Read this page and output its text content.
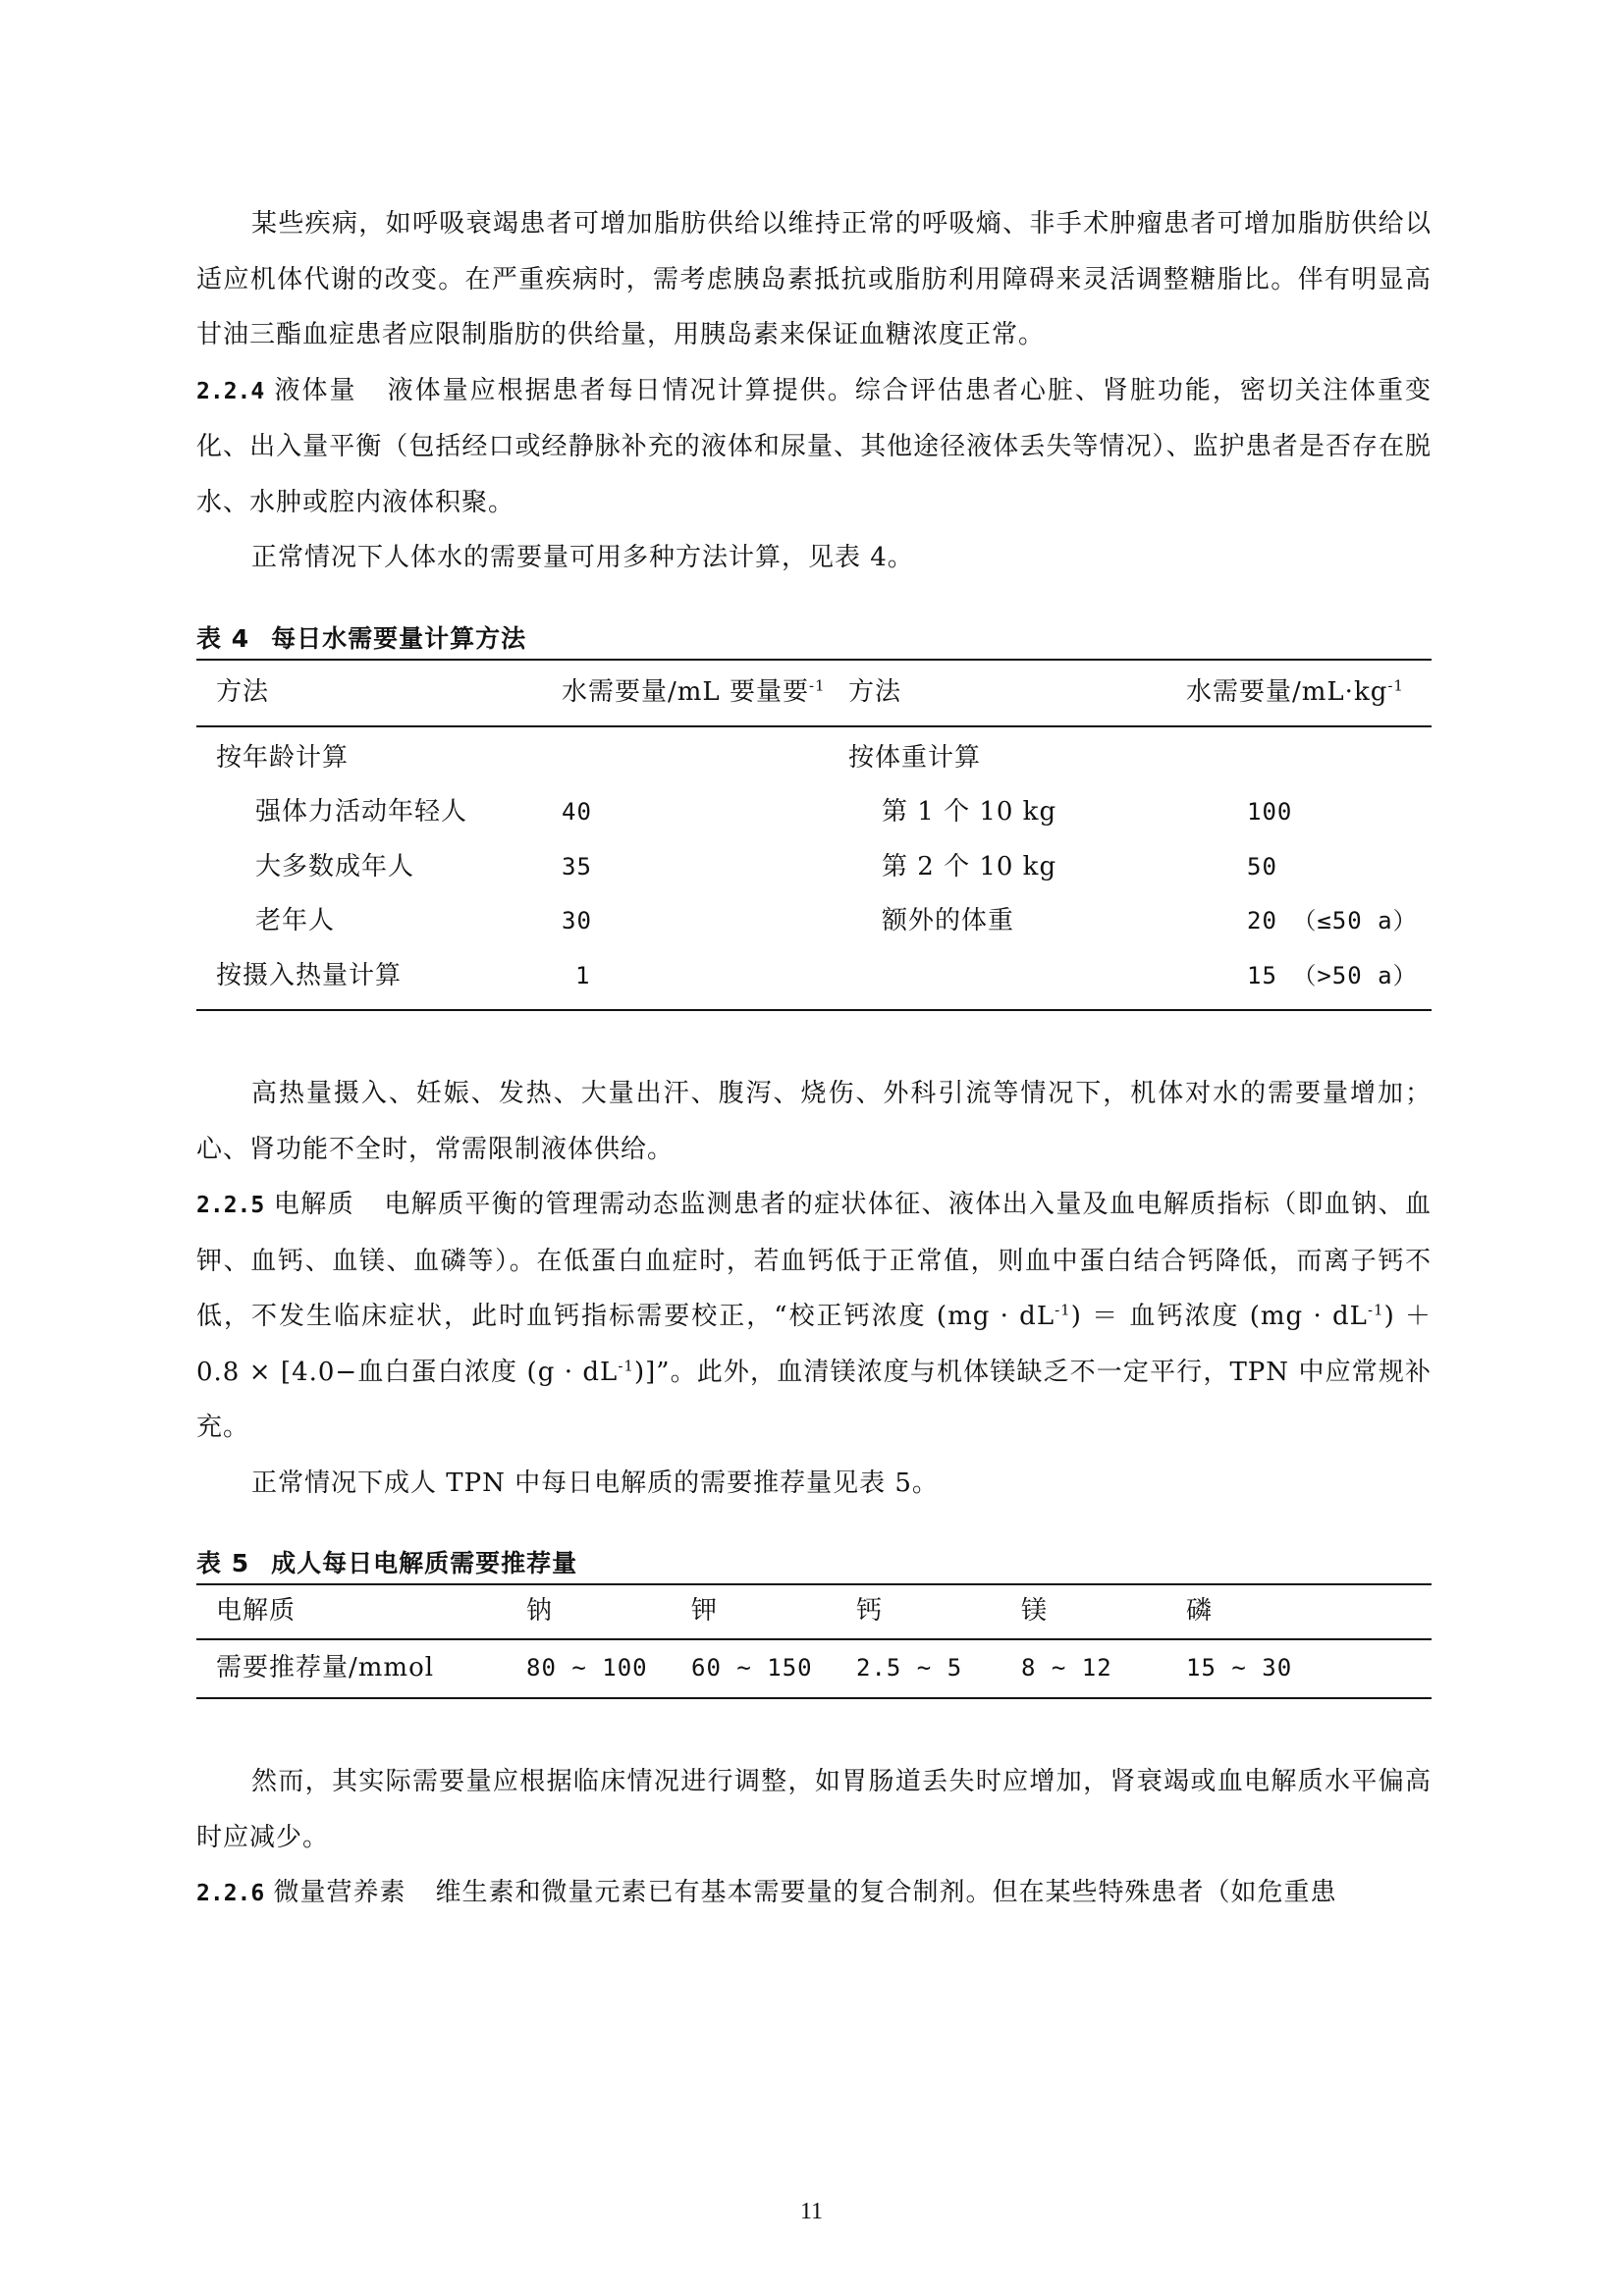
某些疾病，如呼吸衰竭患者可增加脂肪供给以维持正常的呼吸熵、非手术肿瘤患者可增加脂肪供给以适应机体代谢的改变。在严重疾病时，需考虑胰岛素抵抗或脂肪利用障碍来灵活调整糖脂比。伴有明显高甘油三酯血症患者应限制脂肪的供给量，用胰岛素来保证血糖浓度正常。

2.2.4 液体量 液体量应根据患者每日情况计算提供。综合评估患者心脏、肾脏功能，密切关注体重变化、出入量平衡（包括经口或经静脉补充的液体和尿量、其他途径液体丢失等情况）、监护患者是否存在脱水、水肿或腔内液体积聚。

正常情况下人体水的需要量可用多种方法计算，见表 4。

表 4 每日水需要量计算方法
方法	水需要量/mL 要量要$^{-1}$	方法	水需要量$/mL\cdot kg^{-1}$
按年龄计算		按体重计算	
强体力活动年轻人	40	第 1 个 10 kg	100
大多数成年人	35	第 2 个 10 kg	50
老年人	30	额外的体重	20 （≤50 a）
按摄入热量计算	1		15 （>50 a）

高热量摄入、妊娠、发热、大量出汗、腹泻、烧伤、外科引流等情况下，机体对水的需要量增加；心、肾功能不全时，常需限制液体供给。

2.2.5 电解质 电解质平衡的管理需动态监测患者的症状体征、液体出入量及血电解质指标（即血钠、血钾、血钙、血镁、血磷等）。在低蛋白血症时，若血钙低于正常值，则血中蛋白结合钙降低，而离子钙不低，不发生临床症状，此时血钙指标需要校正，“校正钙浓度 $(mg \cdot dL^{-1})$ ＝ 血钙浓度 $(mg \cdot dL^{-1}) + 0.8 \times [4.0-$血白蛋白浓度 $(g \cdot dL^{-1})$]”。此外，血清镁浓度与机体镁缺乏不一定平行，TPN 中应常规补充。

正常情况下成人 TPN 中每日电解质的需要推荐量见表 5。

表 5 成人每日电解质需要推荐量
电解质	钠	钾	钙	镁	磷
需要推荐量/mmol	80 ~ 100	60 ~ 150	2.5 ~ 5	8 ~ 12	15 ~ 30

然而，其实际需要量应根据临床情况进行调整，如胃肠道丢失时应增加，肾衰竭或血电解质水平偏高时应减少。

2.2.6 微量营养素 维生素和微量元素已有基本需要量的复合制剂。但在某些特殊患者（如危重患

11
